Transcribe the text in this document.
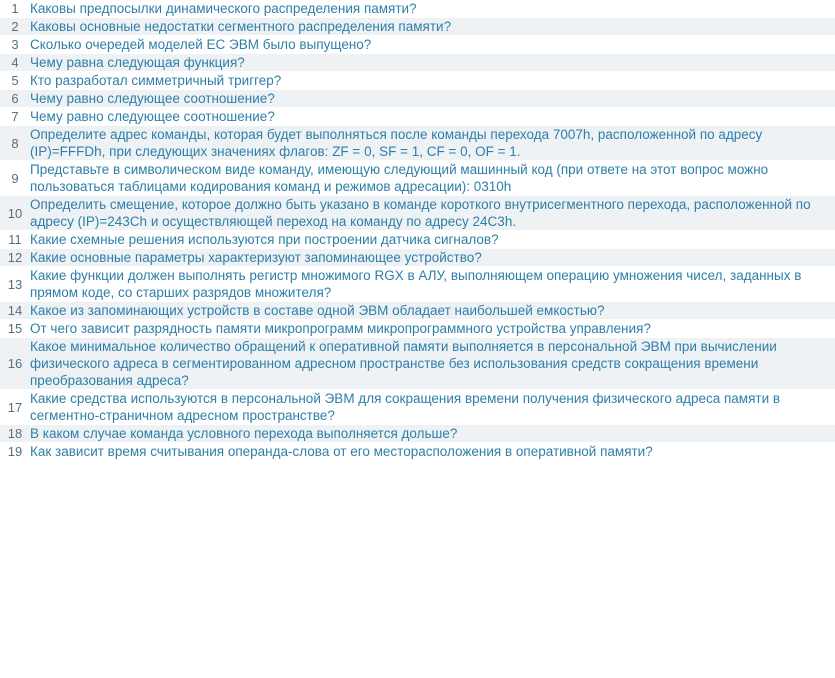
1	Каковы предпосылки динамического распределения памяти?
2	Каковы основные недостатки сегментного распределения памяти?
3	Сколько очередей моделей ЕС ЭВМ было выпущено?
4	Чему равна следующая функция?
5	Кто разработал симметричный триггер?
6	Чему равно следующее соотношение?
7	Чему равно следующее соотношение?
8	Определите адрес команды, которая будет выполняться после команды перехода 7007h, расположенной по адресу (IP)=FFFDh, при следующих значениях флагов: ZF = 0, SF = 1, CF = 0, OF = 1.
9	Представьте в символическом виде команду, имеющую следующий машинный код (при ответе на этот вопрос можно пользоваться таблицами кодирования команд и режимов адресации): 0310h
10	Определить смещение, которое должно быть указано в команде короткого внутрисегментного перехода, расположенной по адресу (IP)=243Ch и осуществляющей переход на команду по адресу 24C3h.
11	Какие схемные решения используются при построении датчика сигналов?
12	Какие основные параметры характеризуют запоминающее устройство?
13	Какие функции должен выполнять регистр множимого RGX в АЛУ, выполняющем операцию умножения чисел, заданных в прямом коде, со старших разрядов множителя?
14	Какое из запоминающих устройств в составе одной ЭВМ обладает наибольшей емкостью?
15	От чего зависит разрядность памяти микропрограмм микропрограммного устройства управления?
16	Какое минимальное количество обращений к оперативной памяти выполняется в персональной ЭВМ при вычислении физического адреса в сегментированном адресном пространстве без использования средств сокращения времени преобразования адреса?
17	Какие средства используются в персональной ЭВМ для сокращения времени получения физического адреса памяти в сегментно-страничном адресном пространстве?
18	В каком случае команда условного перехода выполняется дольше?
19	Как зависит время считывания операнда-слова от его месторасположения в оперативной памяти?
